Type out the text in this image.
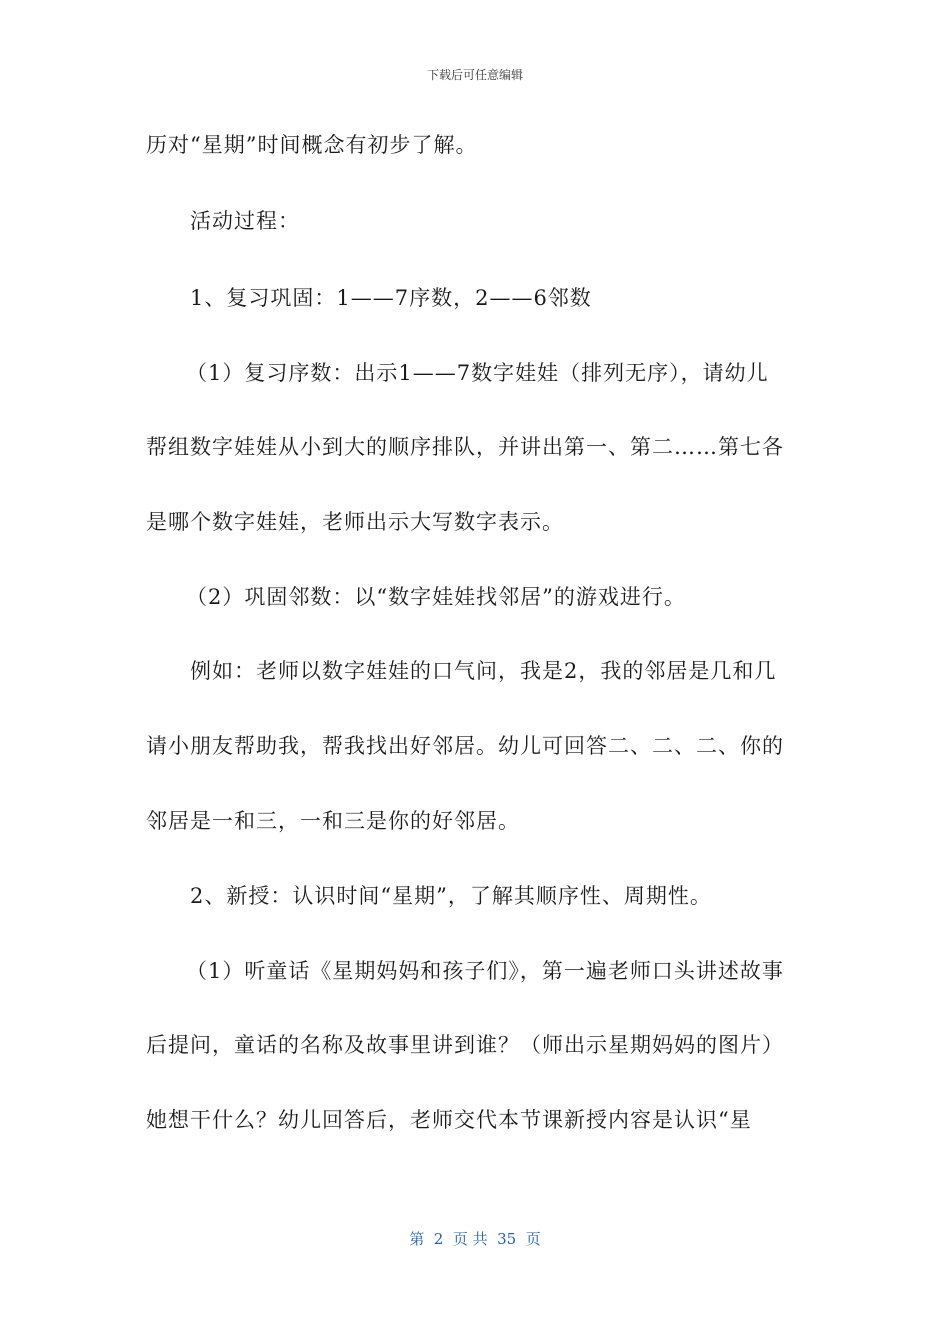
下载后可任意编辑
历对“星期”时间概念有初步了解。
活动过程：
1、复习巩固：1——7序数，2——6邻数
（1）复习序数：出示1——7数字娃娃（排列无序），请幼儿
帮组数字娃娃从小到大的顺序排队，并讲出第一、第二……第七各
是哪个数字娃娃，老师出示大写数字表示。
（2）巩固邻数：以“数字娃娃找邻居”的游戏进行。
例如：老师以数字娃娃的口气问，我是2，我的邻居是几和几
请小朋友帮助我，帮我找出好邻居。幼儿可回答二、二、二、你的
邻居是一和三，一和三是你的好邻居。
2、新授：认识时间“星期”，了解其顺序性、周期性。
（1）听童话《星期妈妈和孩子们》，第一遍老师口头讲述故事
后提问，童话的名称及故事里讲到谁？（师出示星期妈妈的图片）
她想干什么？幼儿回答后，老师交代本节课新授内容是认识“星
第  2  页 共  35  页
